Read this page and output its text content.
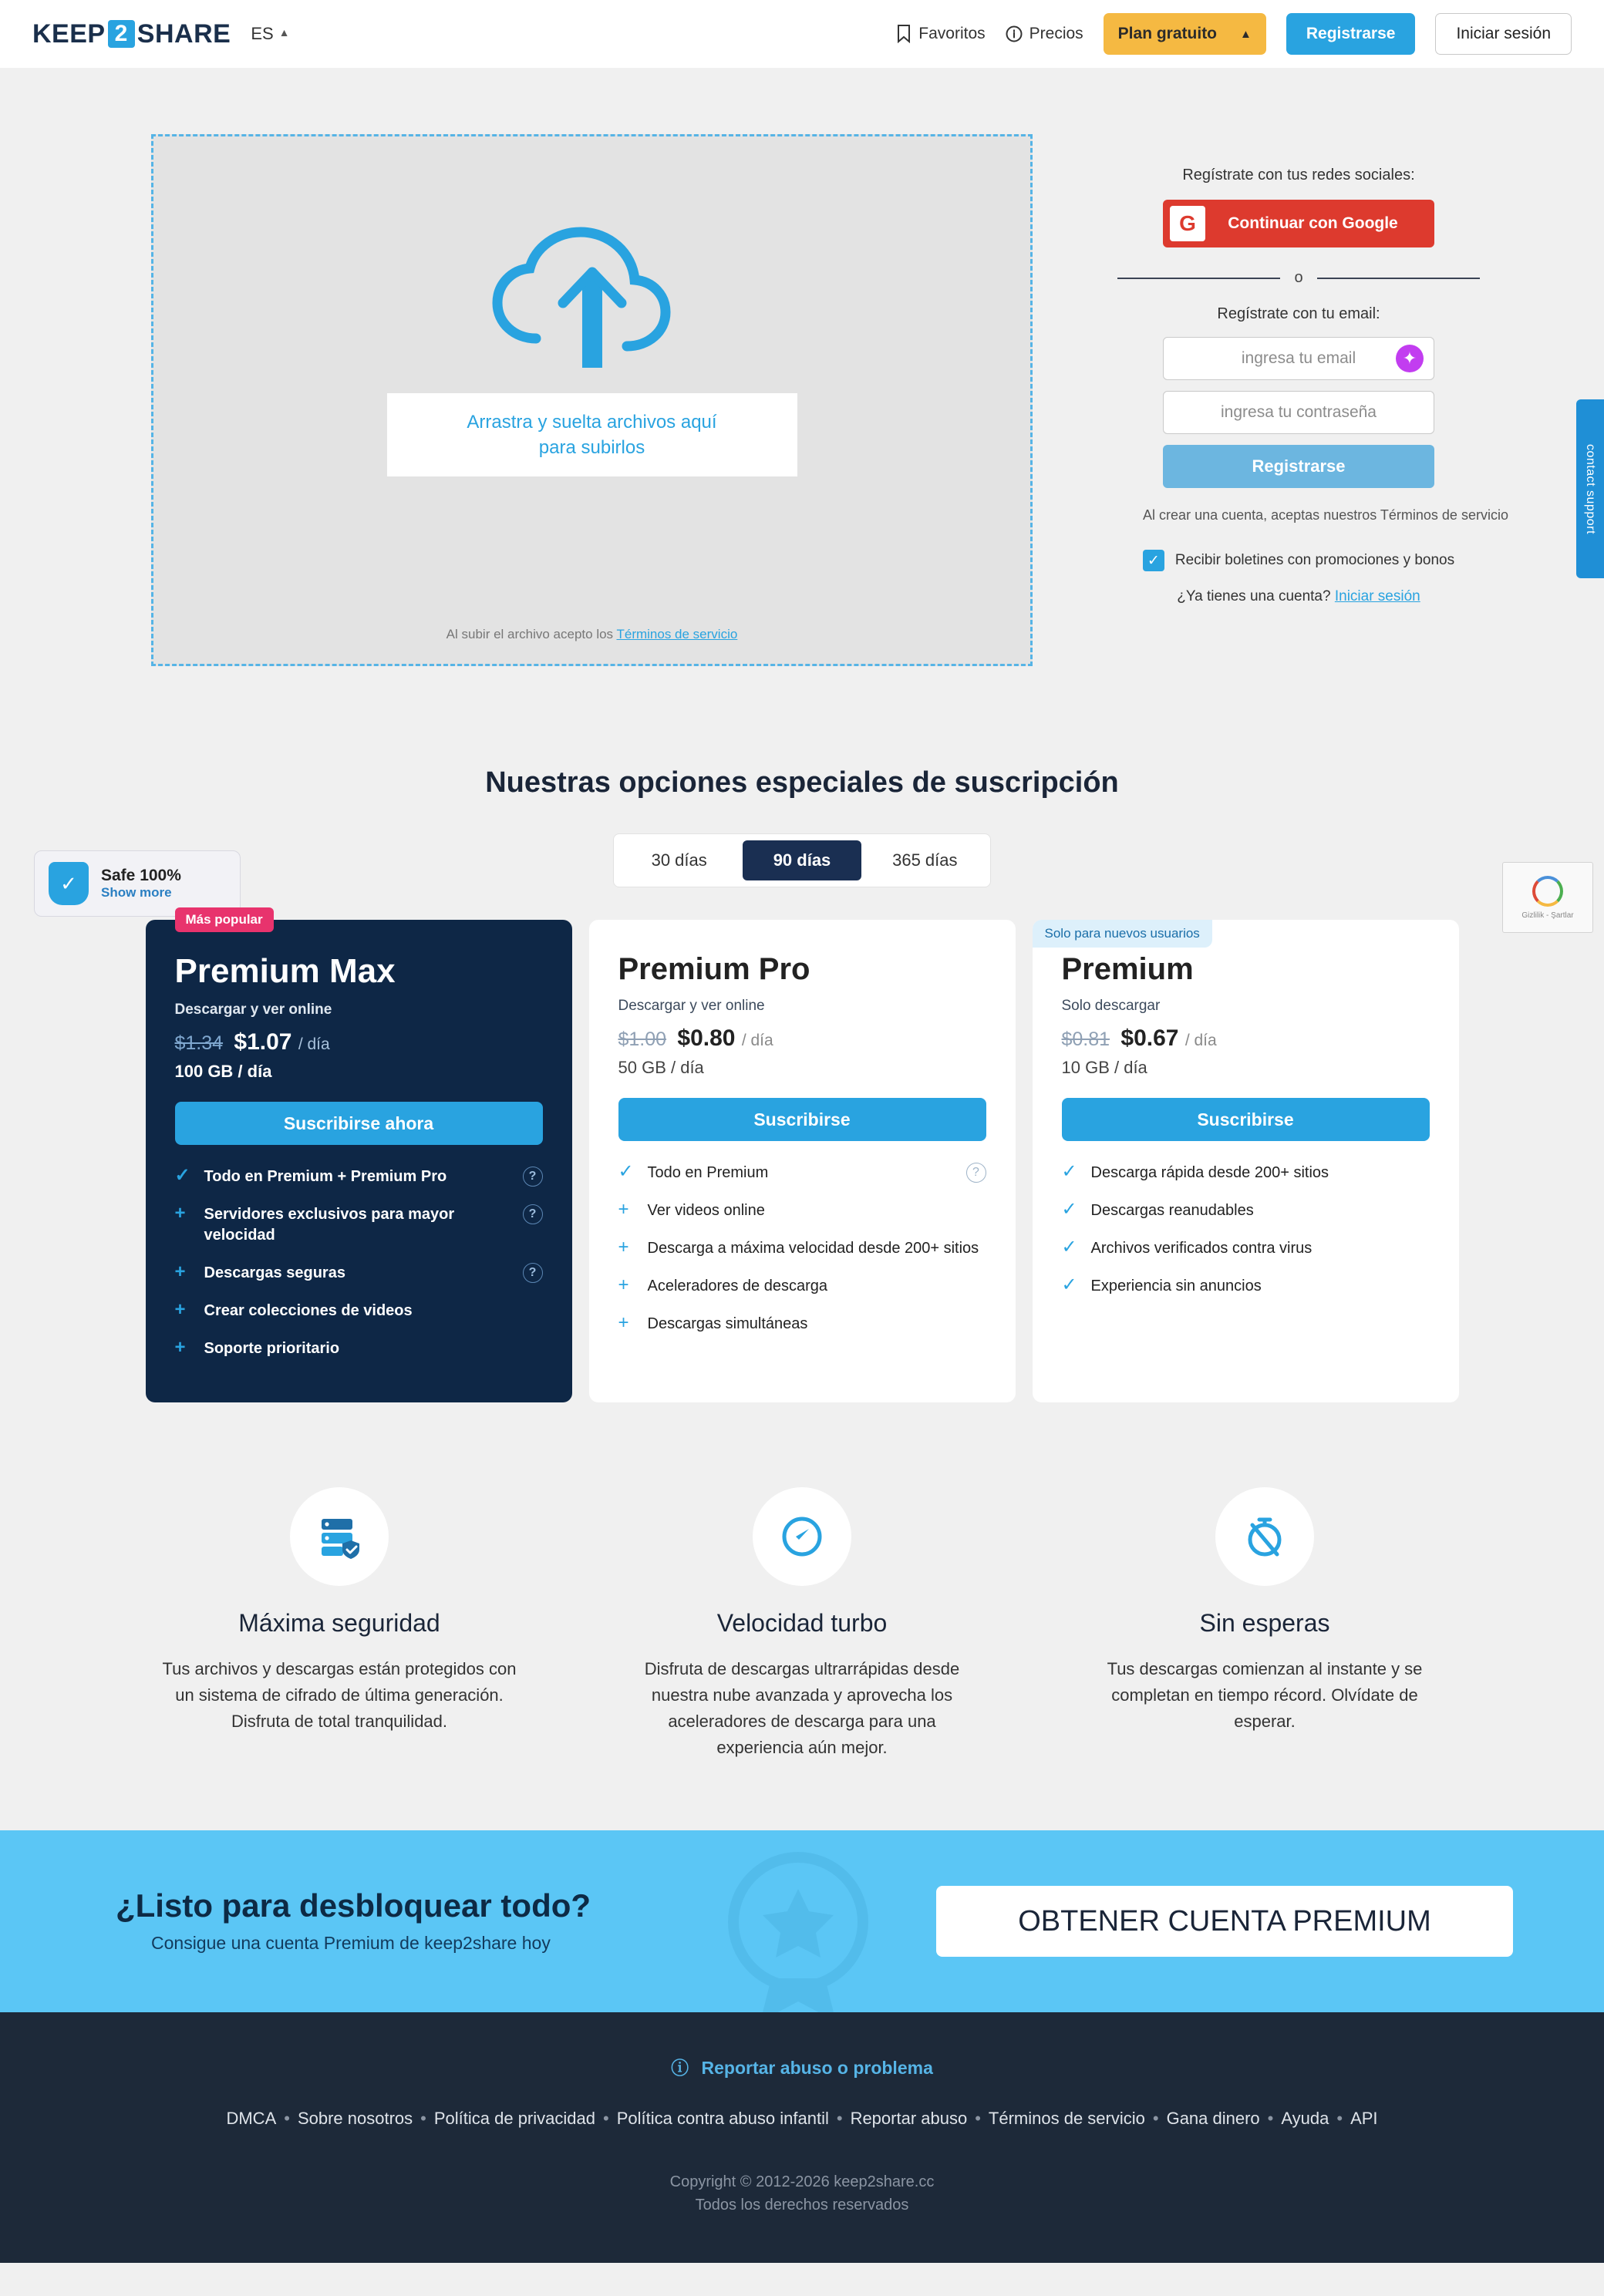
KEEP 2 SHARE ES ▲	Favoritos	Precios Plan gratuito ▲	Registrarse	Iniciar sesión
Arrastra y suelta archivos aquí
para subirlos
Al subir el archivo acepto los Términos de servicio
Regístrate con tus redes sociales:
G	Continuar con Google
o
Regístrate con tu email:
ingresa tu email
✦
Registrarse
Al crear una cuenta, aceptas nuestros Términos de servicio
✓	Recibir boletines con promociones y bonos
¿Ya tienes una cuenta? Iniciar sesión
contact support
✓	Safe 100%
Show more
Gizlilik - Şartlar
Nuestras opciones especiales de suscripción
30 días	90 días	365 días
Más popular
Premium Max
Descargar y ver online
$1.34 $1.07 / día
100 GB / día
Suscribirse ahora
✓ Todo en Premium + Premium Pro	?
+	Servidores exclusivos para mayor velocidad
?
+	Descargas seguras	?
+	Crear colecciones de videos
+	Soporte prioritario
Premium Pro
Descargar y ver online
$1.00 $0.80 / día
50 GB / día
Suscribirse
✓ Todo en Premium	?
+	Ver videos online
+	Descarga a máxima velocidad desde 200+ sitios
+	Aceleradores de descarga
+	Descargas simultáneas
Solo para nuevos usuarios
Premium
Solo descargar
$0.81 $0.67 / día
10 GB / día
Suscribirse
✓ Descarga rápida desde 200+ sitios
✓ Descargas reanudables
✓ Archivos verificados contra virus
✓ Experiencia sin anuncios
Máxima seguridad

Tus archivos y descargas están protegidos con un sistema de cifrado de última generación. Disfruta de total tranquilidad.

Velocidad turbo

Disfruta de descargas ultrarrápidas desde nuestra nube avanzada y aprovecha los aceleradores de descarga para una experiencia aún mejor.

Sin esperas

Tus descargas comienzan al instante y se completan en tiempo récord. Olvídate de esperar.

¿Listo para desbloquear todo?

Consigue una cuenta Premium de keep2share hoy

OBTENER CUENTA PREMIUM
ⓘ Reportar abuso o problema
DMCA • Sobre nosotros • Política de privacidad • Política contra abuso infantil • Reportar abuso • Términos de servicio • Gana dinero • Ayuda • API
Copyright © 2012-2026 keep2share.cc
Todos los derechos reservados
